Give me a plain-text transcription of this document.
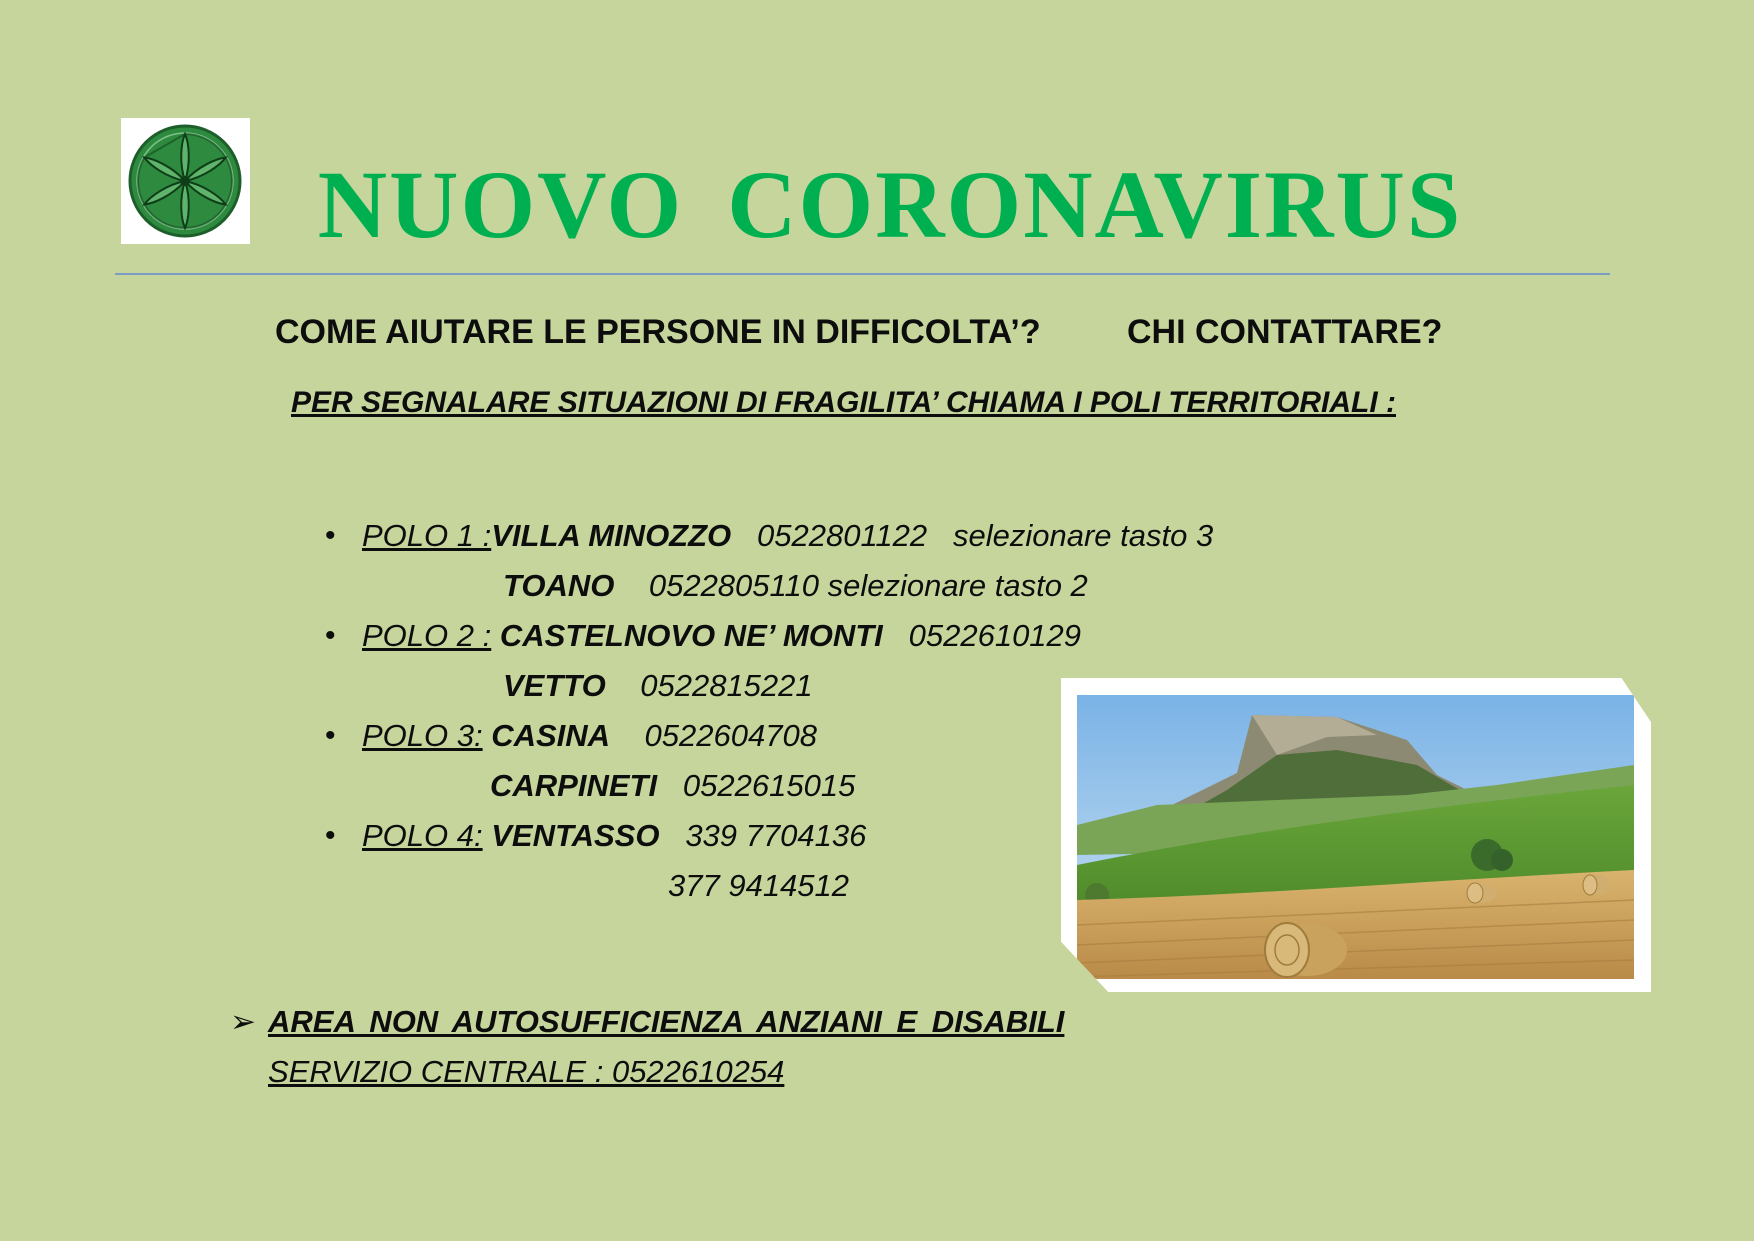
NUOVO CORONAVIRUS
COME AIUTARE LE PERSONE IN DIFFICOLTA’?	CHI CONTATTARE?
PER SEGNALARE SITUAZIONI DI FRAGILITA’ CHIAMA I POLI TERRITORIALI :
• POLO 1 :VILLA MINOZZO 0522801122 selezionare tasto 3
TOANO 0522805110 selezionare tasto 2
• POLO 2 : CASTELNOVO NE’ MONTI 0522610129
VETTO 0522815221
• POLO 3: CASINA 0522604708
CARPINETI 0522615015
• POLO 4: VENTASSO 339 7704136
377 9414512
➢ AREA NON AUTOSUFFICIENZA ANZIANI E DISABILI
SERVIZIO CENTRALE : 0522610254
